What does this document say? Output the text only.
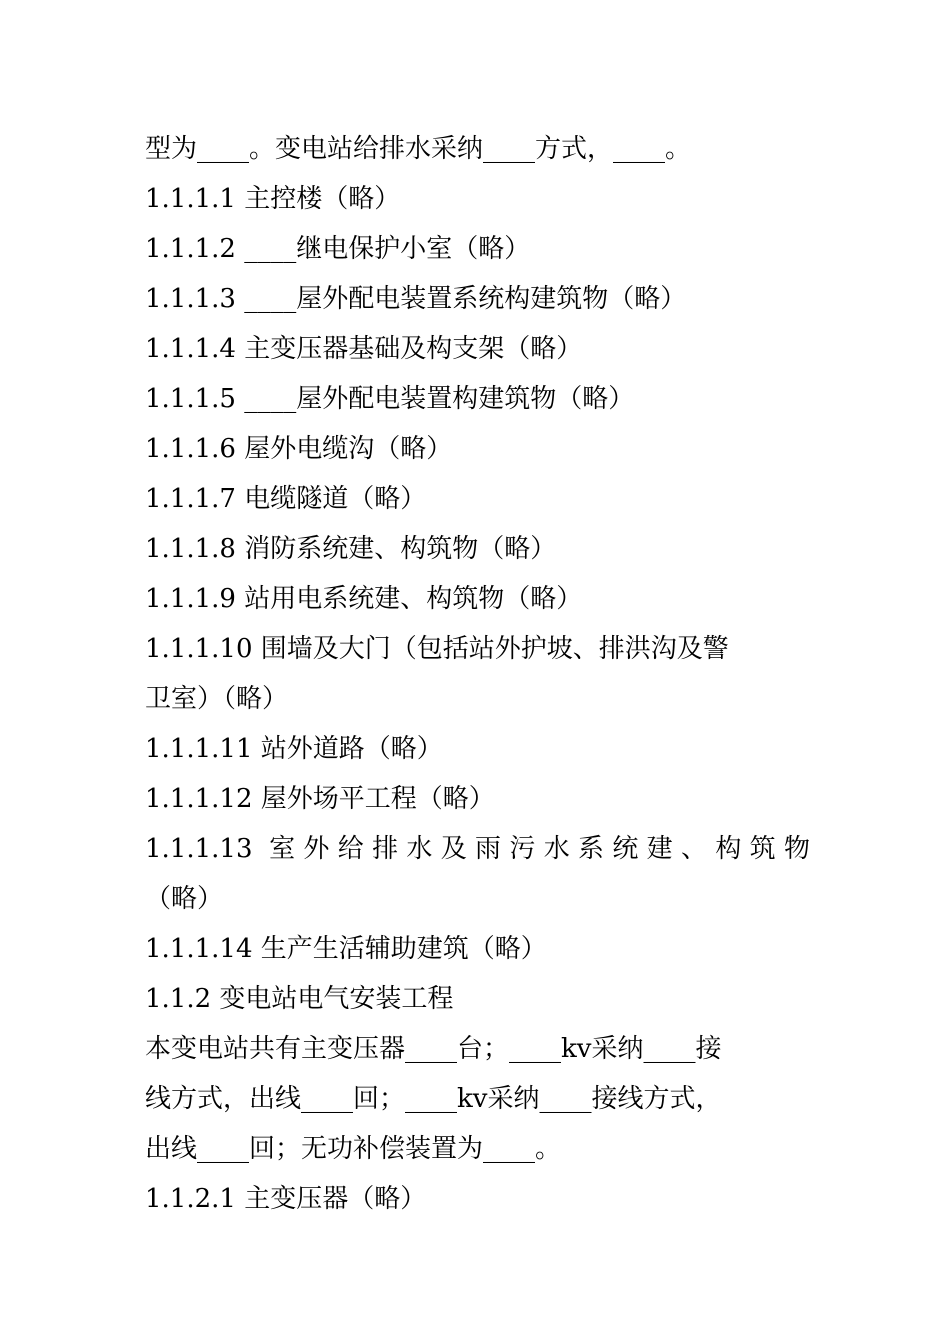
型为____。变电站给排水采纳____方式，____。

1.1.1.1 主控楼（略）

1.1.1.2 ____继电保护小室（略）

1.1.1.3 ____屋外配电装置系统构建筑物（略）

1.1.1.4 主变压器基础及构支架（略）

1.1.1.5 ____屋外配电装置构建筑物（略）

1.1.1.6 屋外电缆沟（略）

1.1.1.7 电缆隧道（略）

1.1.1.8 消防系统建、构筑物（略）

1.1.1.9 站用电系统建、构筑物（略）

1.1.1.10 围墙及大门（包括站外护坡、排洪沟及警

卫室）（略）

1.1.1.11 站外道路（略）

1.1.1.12 屋外场平工程（略）

1.1.1.13 室外给排水及雨污水系统建、构筑物

（略）

1.1.1.14 生产生活辅助建筑（略）

1.1.2 变电站电气安装工程

本变电站共有主变压器____台；____kv采纳____接

线方式，出线____回；____kv采纳____接线方式，

出线____回；无功补偿装置为____。

1.1.2.1 主变压器（略）
